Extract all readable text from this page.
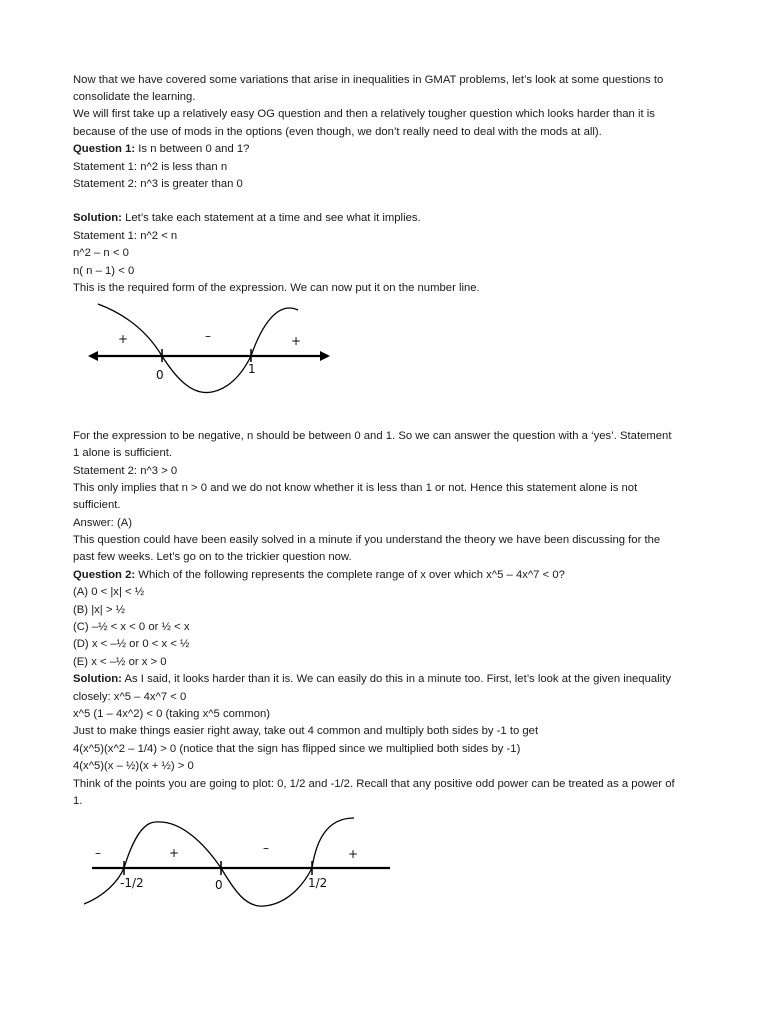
Now that we have covered some variations that arise in inequalities in GMAT problems, let’s look at some questions to
consolidate the learning.
We will first take up a relatively easy OG question and then a relatively tougher question which looks harder than it is
because of the use of mods in the options (even though, we don’t really need to deal with the mods at all).
Question 1: Is n between 0 and 1?
Statement 1: n^2 is less than n
Statement 2: n^3 is greater than 0
Solution: Let’s take each statement at a time and see what it implies.
Statement 1: n^2 < n
n^2 – n < 0
n( n – 1) < 0
This is the required form of the expression. We can now put it on the number line.
For the expression to be negative, n should be between 0 and 1. So we can answer the question with a ‘yes’. Statement
1 alone is sufficient.
Statement 2: n^3 > 0
This only implies that n > 0 and we do not know whether it is less than 1 or not. Hence this statement alone is not
sufficient.
Answer: (A)
This question could have been easily solved in a minute if you understand the theory we have been discussing for the
past few weeks. Let’s go on to the trickier question now.
Question 2: Which of the following represents the complete range of x over which x^5 – 4x^7 < 0?
(A) 0 < |x| < ½
(B) |x| > ½
(C) –½ < x < 0 or ½ < x
(D) x < –½ or 0 < x < ½
(E) x < –½ or x > 0
Solution: As I said, it looks harder than it is. We can easily do this in a minute too. First, let’s look at the given inequality
closely: x^5 – 4x^7 < 0
x^5 (1 – 4x^2) < 0 (taking x^5 common)
Just to make things easier right away, take out 4 common and multiply both sides by -1 to get
4(x^5)(x^2 – 1/4) > 0 (notice that the sign has flipped since we multiplied both sides by -1)
4(x^5)(x – ½)(x + ½) > 0
Think of the points you are going to plot: 0, 1/2 and -1/2. Recall that any positive odd power can be treated as a power of
1.
0	1
+	–	+
-1/2	0	1/2
–	+	–	+
